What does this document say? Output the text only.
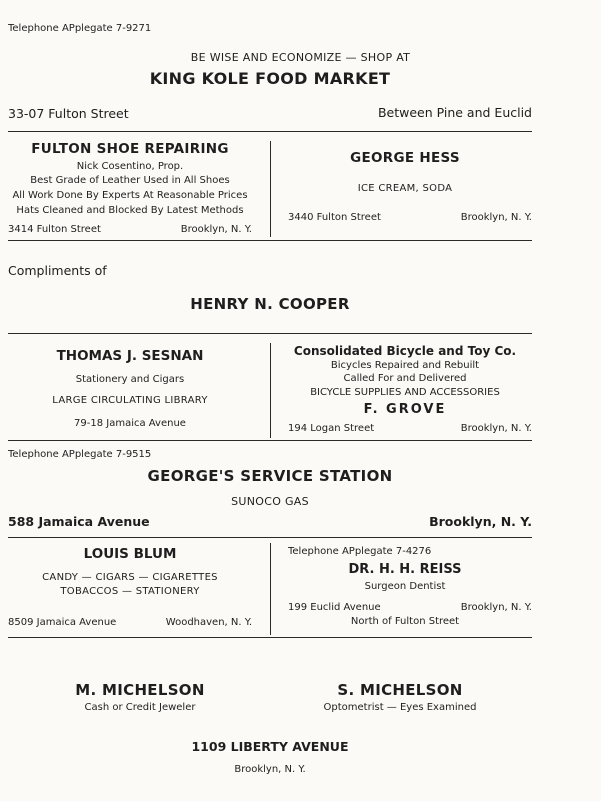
Telephone APplegate 7-9271
BE WISE AND ECONOMIZE — SHOP AT
KING KOLE FOOD MARKET
33-07 Fulton Street	Between Pine and Euclid
FULTON SHOE REPAIRING
Nick Cosentino, Prop.
Best Grade of Leather Used in All Shoes
All Work Done By Experts At Reasonable Prices
Hats Cleaned and Blocked By Latest Methods
3414 Fulton Street	Brooklyn, N. Y.
GEORGE HESS
ICE CREAM, SODA
3440 Fulton Street	Brooklyn, N. Y.
Compliments of
HENRY N. COOPER
THOMAS J. SESNAN
Stationery and Cigars
LARGE CIRCULATING LIBRARY
79-18 Jamaica Avenue
Consolidated Bicycle and Toy Co.
Bicycles Repaired and Rebuilt
Called For and Delivered
BICYCLE SUPPLIES AND ACCESSORIES
F. GROVE
194 Logan Street	Brooklyn, N. Y.
Telephone APplegate 7-9515
GEORGE'S SERVICE STATION
SUNOCO GAS
588 Jamaica Avenue	Brooklyn, N. Y.
LOUIS BLUM
CANDY — CIGARS — CIGARETTES
TOBACCOS — STATIONERY
8509 Jamaica Avenue	Woodhaven, N. Y.
Telephone APplegate 7-4276
DR. H. H. REISS
Surgeon Dentist
199 Euclid Avenue	Brooklyn, N. Y.
North of Fulton Street
M. MICHELSON
Cash or Credit Jeweler
S. MICHELSON
Optometrist — Eyes Examined
1109 LIBERTY AVENUE
Brooklyn, N. Y.
